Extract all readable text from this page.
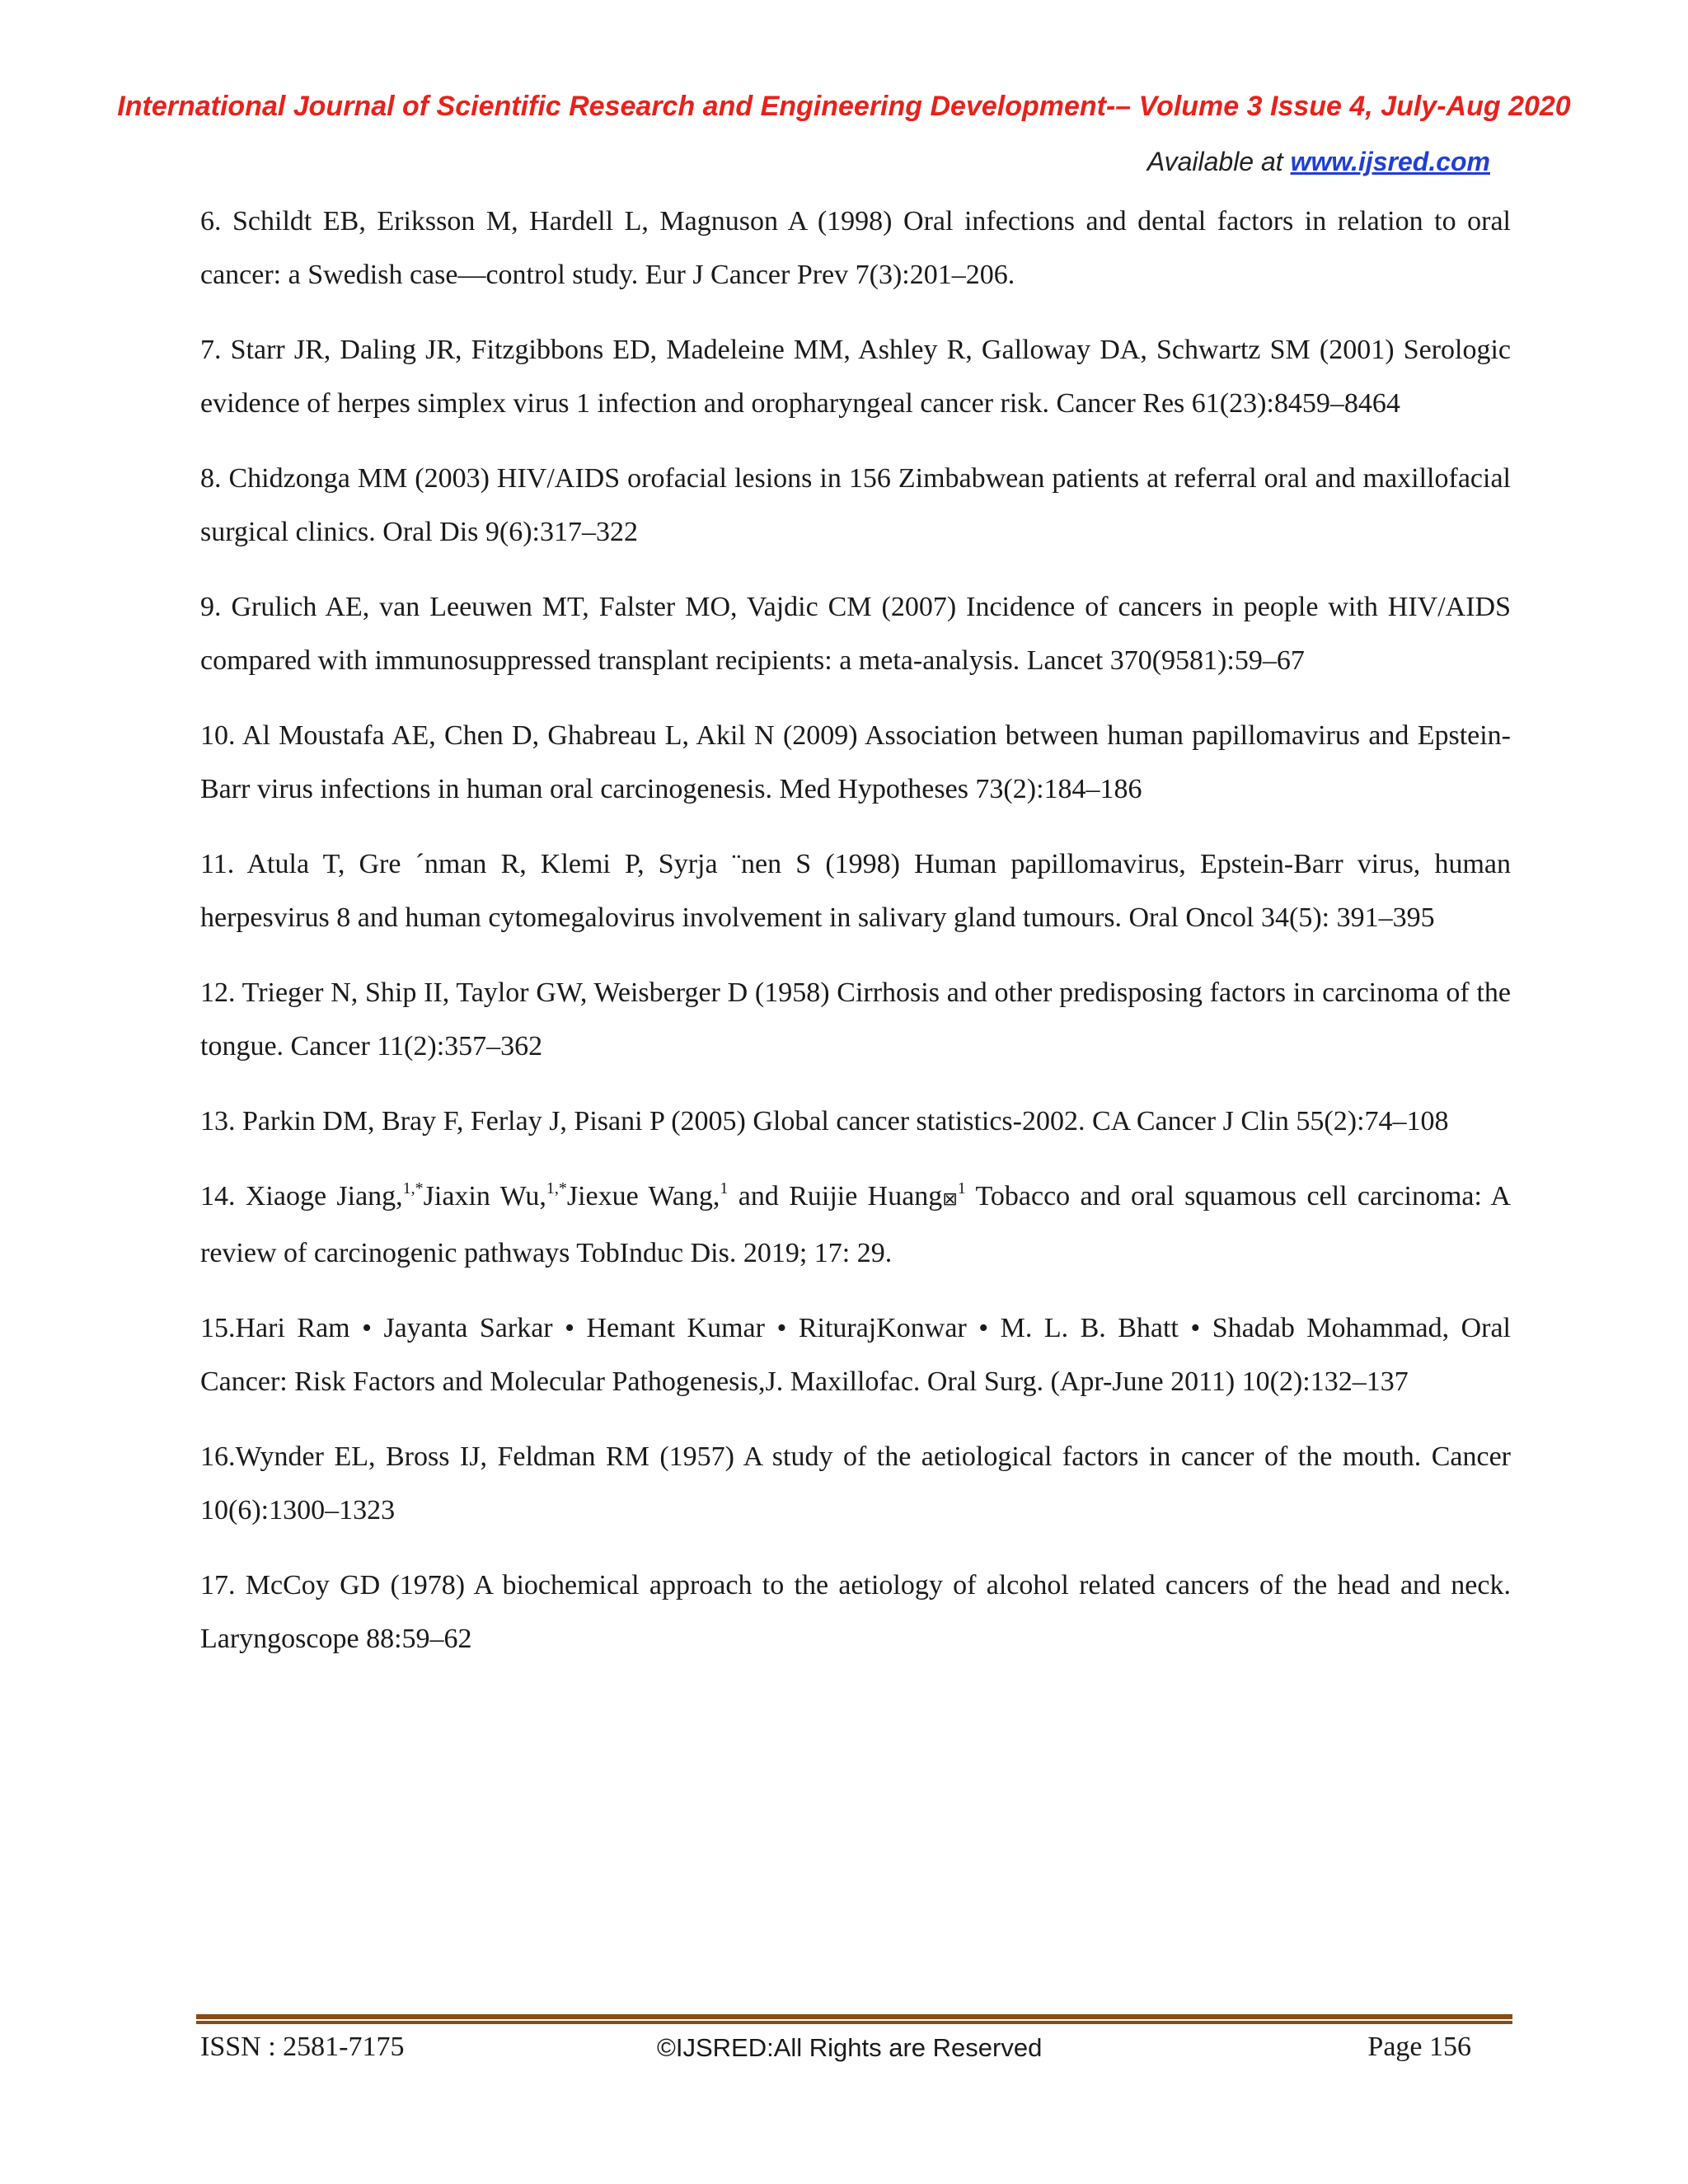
International Journal of Scientific Research and Engineering Development-– Volume 3 Issue 4, July-Aug 2020
Available at www.ijsred.com
6. Schildt EB, Eriksson M, Hardell L, Magnuson A (1998) Oral infections and dental factors in relation to oral cancer: a Swedish case—control study. Eur J Cancer Prev 7(3):201–206.
7. Starr JR, Daling JR, Fitzgibbons ED, Madeleine MM, Ashley R, Galloway DA, Schwartz SM (2001) Serologic evidence of herpes simplex virus 1 infection and oropharyngeal cancer risk. Cancer Res 61(23):8459–8464
8. Chidzonga MM (2003) HIV/AIDS orofacial lesions in 156 Zimbabwean patients at referral oral and maxillofacial surgical clinics. Oral Dis 9(6):317–322
9. Grulich AE, van Leeuwen MT, Falster MO, Vajdic CM (2007) Incidence of cancers in people with HIV/AIDS compared with immunosuppressed transplant recipients: a meta-analysis. Lancet 370(9581):59–67
10. Al Moustafa AE, Chen D, Ghabreau L, Akil N (2009) Association between human papillomavirus and Epstein-Barr virus infections in human oral carcinogenesis. Med Hypotheses 73(2):184–186
11. Atula T, Gre ´nman R, Klemi P, Syrja ¨nen S (1998) Human papillomavirus, Epstein-Barr virus, human herpesvirus 8 and human cytomegalovirus involvement in salivary gland tumours. Oral Oncol 34(5): 391–395
12. Trieger N, Ship II, Taylor GW, Weisberger D (1958) Cirrhosis and other predisposing factors in carcinoma of the tongue. Cancer 11(2):357–362
13. Parkin DM, Bray F, Ferlay J, Pisani P (2005) Global cancer statistics-2002. CA Cancer J Clin 55(2):74–108
14. Xiaoge Jiang,$^{1,*}$Jiaxin Wu,$^{1,*}$Jiexue Wang,$^1$ and Ruijie Huang⊠$^1$ Tobacco and oral squamous cell carcinoma: A review of carcinogenic pathways TobInduc Dis. 2019; 17: 29.
15.Hari Ram • Jayanta Sarkar • Hemant Kumar • RiturajKonwar • M. L. B. Bhatt • Shadab Mohammad, Oral Cancer: Risk Factors and Molecular Pathogenesis,J. Maxillofac. Oral Surg. (Apr-June 2011) 10(2):132–137
16.Wynder EL, Bross IJ, Feldman RM (1957) A study of the aetiological factors in cancer of the mouth. Cancer 10(6):1300–1323
17. McCoy GD (1978) A biochemical approach to the aetiology of alcohol related cancers of the head and neck. Laryngoscope 88:59–62
ISSN : 2581-7175	©IJSRED:All Rights are Reserved	Page 156
